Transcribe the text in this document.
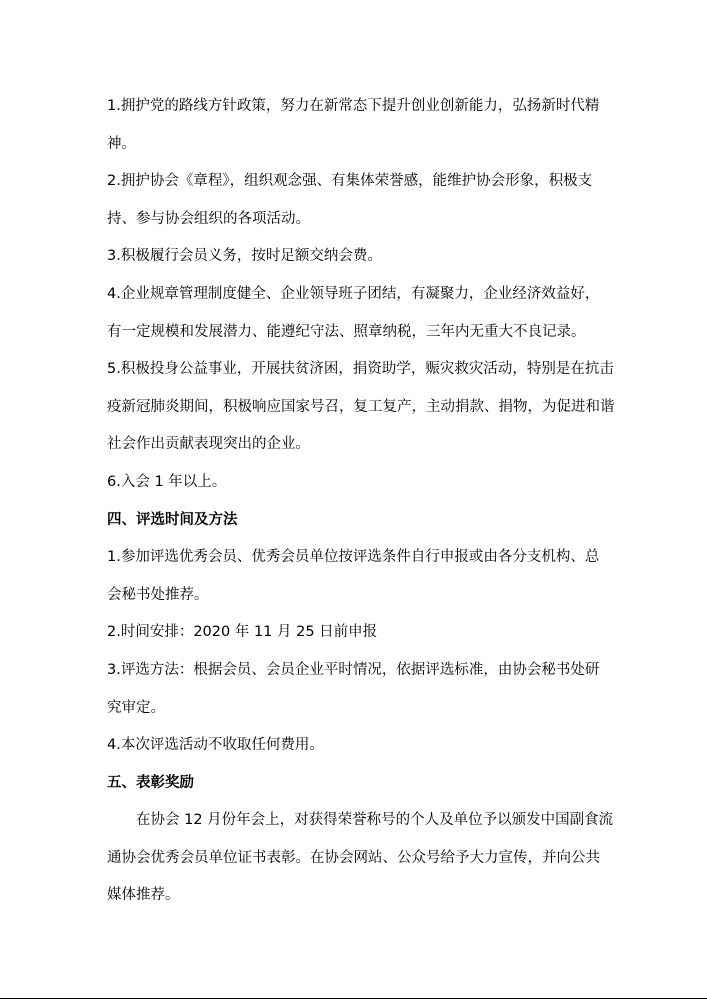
1.拥护党的路线方针政策，努力在新常态下提升创业创新能力，弘扬新时代精
神。
2.拥护协会《章程》，组织观念强、有集体荣誉感，能维护协会形象，积极支
持、参与协会组织的各项活动。
3.积极履行会员义务，按时足额交纳会费。
4.企业规章管理制度健全、企业领导班子团结，有凝聚力，企业经济效益好，
有一定规模和发展潜力、能遵纪守法、照章纳税，三年内无重大不良记录。
5.积极投身公益事业，开展扶贫济困，捐资助学，赈灾救灾活动，特别是在抗击
疫新冠肺炎期间，积极响应国家号召，复工复产，主动捐款、捐物，为促进和谐
社会作出贡献表现突出的企业。
6.入会 1 年以上。
四、评选时间及方法
1.参加评选优秀会员、优秀会员单位按评选条件自行申报或由各分支机构、总
会秘书处推荐。
2.时间安排：2020 年 11 月 25 日前申报
3.评选方法：根据会员、会员企业平时情况，依据评选标准，由协会秘书处研
究审定。
4.本次评选活动不收取任何费用。
五、表彰奖励
在协会 12 月份年会上，对获得荣誉称号的个人及单位予以颁发中国副食流
通协会优秀会员单位证书表彰。在协会网站、公众号给予大力宣传，并向公共
媒体推荐。
